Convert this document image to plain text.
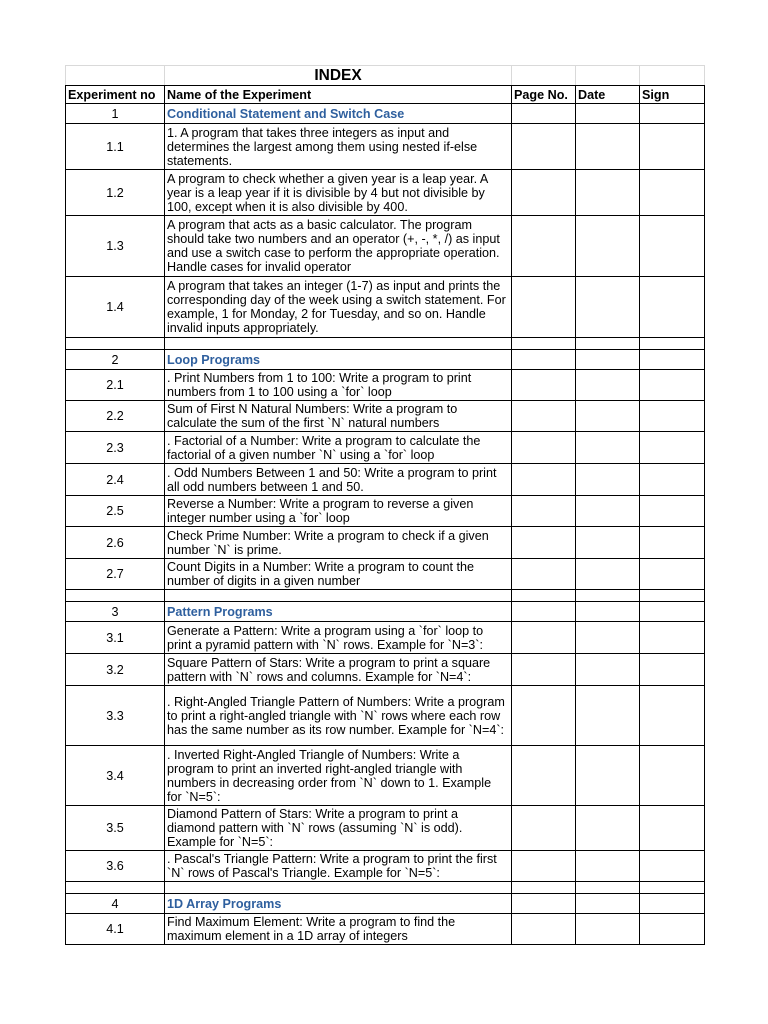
	INDEX			
Experiment no	Name of the Experiment	Page No.	Date	Sign
1	Conditional Statement and Switch Case			
1.1	1. A program that takes three integers as input and determines the largest among them using nested if-else statements.			
1.2	A program to check whether a given year is a leap year. A year is a leap year if it is divisible by 4 but not divisible by 100, except when it is also divisible by 400.			
1.3	A program that acts as a basic calculator. The program should take two numbers and an operator (+, -, *, /) as input and use a switch case to perform the appropriate operation. Handle cases for invalid operator			
1.4	A program that takes an integer (1-7) as input and prints the corresponding day of the week using a switch statement. For example, 1 for Monday, 2 for Tuesday, and so on. Handle invalid inputs appropriately.			

2	Loop Programs			
2.1	. Print Numbers from 1 to 100: Write a program to print numbers from 1 to 100 using a `for` loop			
2.2	Sum of First N Natural Numbers: Write a program to calculate the sum of the first `N` natural numbers			
2.3	. Factorial of a Number: Write a program to calculate the factorial of a given number `N` using a `for` loop			
2.4	. Odd Numbers Between 1 and 50: Write a program to print all odd numbers between 1 and 50.			
2.5	Reverse a Number: Write a program to reverse a given integer number using a `for` loop			
2.6	Check Prime Number: Write a program to check if a given number `N` is prime.			
2.7	Count Digits in a Number: Write a program to count the number of digits in a given number			

3	Pattern Programs			
3.1	Generate a Pattern: Write a program using a `for` loop to print a pyramid pattern with `N` rows. Example for `N=3`:			
3.2	Square Pattern of Stars: Write a program to print a square pattern with `N` rows and columns. Example for `N=4`:			
3.3	. Right-Angled Triangle Pattern of Numbers: Write a program to print a right-angled triangle with `N` rows where each row has the same number as its row number. Example for `N=4`:			
3.4	. Inverted Right-Angled Triangle of Numbers: Write a program to print an inverted right-angled triangle with numbers in decreasing order from `N` down to 1. Example for `N=5`:			
3.5	Diamond Pattern of Stars: Write a program to print a diamond pattern with `N` rows (assuming `N` is odd). Example for `N=5`:			
3.6	. Pascal's Triangle Pattern: Write a program to print the first `N` rows of Pascal's Triangle. Example for `N=5`:			

4	1D Array Programs			
4.1	Find Maximum Element: Write a program to find the maximum element in a 1D array of integers			
